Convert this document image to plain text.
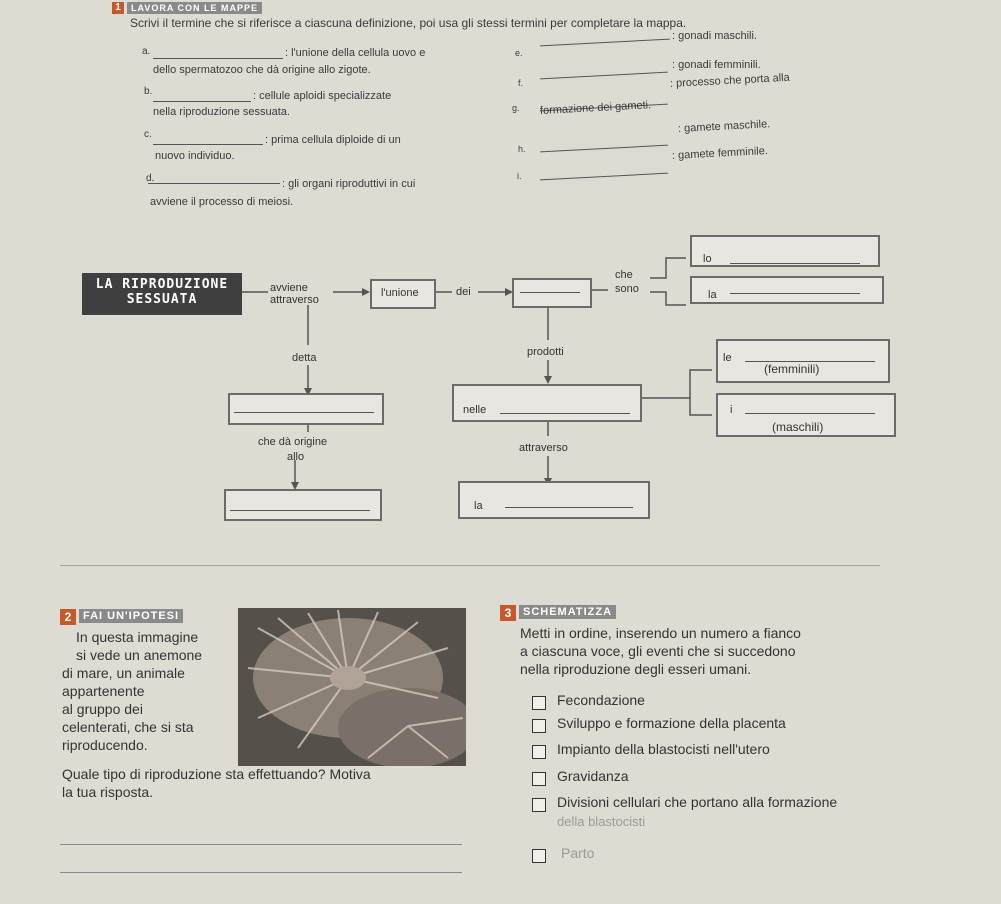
1	LAVORA CON LE MAPPE
Scrivi il termine che si riferisce a ciascuna definizione, poi usa gli stessi termini per completare la mappa.
a.	: l'unione della cellula uovo e
dello spermatozoo che dà origine allo zigote.
b.	: cellule aploidi specializzate
nella riproduzione sessuata.
c.	: prima cellula diploide di un
nuovo individuo.
d.	: gli organi riproduttivi in cui
avviene il processo di meiosi.
e.
: gonadi maschili.
f.
: gonadi femminili.
g.
: processo che porta alla
formazione dei gameti.
h.
: gamete maschile.
i.
: gamete femminile.
LA RIPRODUZIONE
SESSUATA
avviene
attraverso
l'unione	dei
che
sono
lo
la
detta	prodotti	le
(femminili)
i
(maschili)
nelle
che dà origine
allo
attraverso
la
2	FAI UN'IPOTESI
In questa immagine
si vede un anemone
di mare, un animale
appartenente
al gruppo dei
celenterati, che si sta
riproducendo.
Quale tipo di riproduzione sta effettuando? Motiva
la tua risposta.
3	SCHEMATIZZA
Metti in ordine, inserendo un numero a fianco
a ciascuna voce, gli eventi che si succedono
nella riproduzione degli esseri umani.
Fecondazione
Sviluppo e formazione della placenta
Impianto della blastocisti nell'utero
Gravidanza
Divisioni cellulari che portano alla formazione
della blastocisti
Parto
